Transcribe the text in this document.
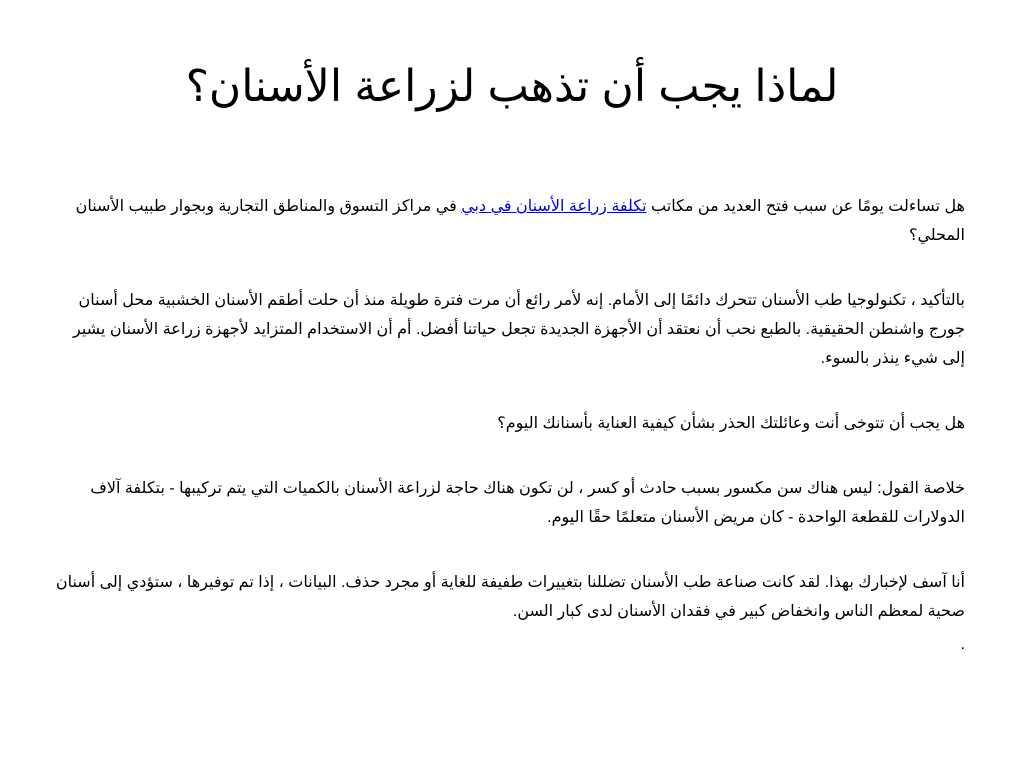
لماذا يجب أن تذهب لزراعة الأسنان؟

هل تساءلت يومًا عن سبب فتح العديد من مكاتب تكلفة زراعة الأسنان في دبي في مراكز التسوق والمناطق التجارية وبجوار طبيب الأسنان المحلي؟

بالتأكيد ، تكنولوجيا طب الأسنان تتحرك دائمًا إلى الأمام. إنه لأمر رائع أن مرت فترة طويلة منذ أن حلت أطقم الأسنان الخشبية محل أسنان جورج واشنطن الحقيقية. بالطبع نحب أن نعتقد أن الأجهزة الجديدة تجعل حياتنا أفضل. أم أن الاستخدام المتزايد لأجهزة زراعة الأسنان يشير إلى شيء ينذر بالسوء.

هل يجب أن تتوخى أنت وعائلتك الحذر بشأن كيفية العناية بأسنانك اليوم؟

خلاصة القول: ليس هناك سن مكسور بسبب حادث أو كسر ، لن تكون هناك حاجة لزراعة الأسنان بالكميات التي يتم تركيبها - بتكلفة آلاف الدولارات للقطعة الواحدة - كان مريض الأسنان متعلمًا حقًا اليوم.

أنا آسف لإخبارك بهذا. لقد كانت صناعة طب الأسنان تضللنا بتغييرات طفيفة للغاية أو مجرد حذف. البيانات ، إذا تم توفيرها ، ستؤدي إلى أسنان صحية لمعظم الناس وانخفاض كبير في فقدان الأسنان لدى كبار السن.

.
